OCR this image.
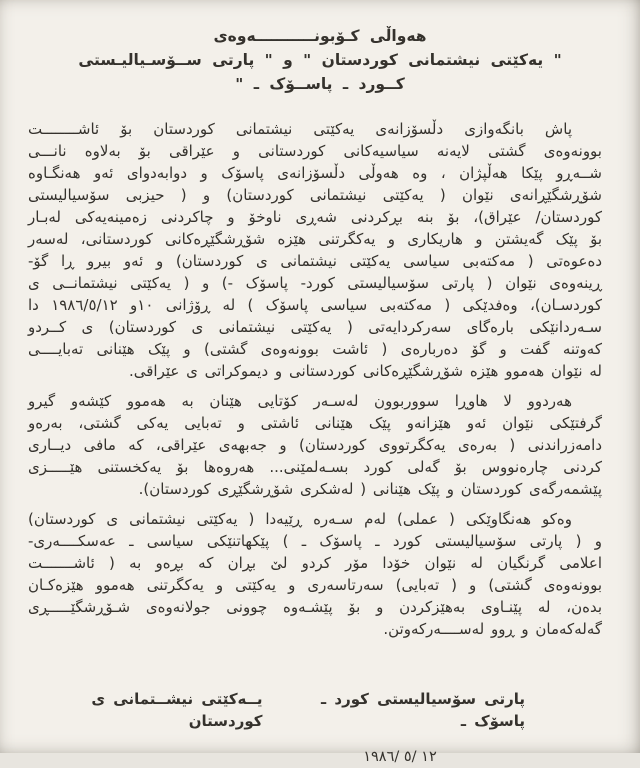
هەواڵی کـۆبونـــــــــــەوەی
" یەکێتی نیشتمانی کوردستان " و " پارتی ســۆسـیالیـستی
کــورد ـ پاســۆک ـ "
پاش بانگەوازی دڵسۆزانەی یەکێتی نیشتمانی کوردستان بۆ ئاشــــــــت
بوونەوەی گشتی لایەنە سیاسیەکانی کوردستانی و عێراقی بۆ بەلاوە نانـــی
شــەڕو پێکا هەڵپژان ، وە هەوڵی دڵسۆزانەی پاسۆک و دوابەدوای ئەو هەنگـاوە
شۆڕشگێڕانەی نێوان ( یەکێتی نیشتمانی کوردستان) و ( حیزبی سۆسیالیستی
کوردستان/ عێراق)، بۆ بنە بڕکردنی شەڕی ناوخۆ و چاکردنی زەمینەیەکی لەبـار
بۆ پێک گەیشتن و هاریکاری و یەکگرتنی هێزە شۆڕشگێڕەکانی کوردستانی، لەسەر
دەعوەتی ( مەکتەبی سیاسی یەکێتی نیشتمانی ی کوردستان) و ئەو بیرو ڕا گۆ-
ڕینەوەی نێوان ( پارتی سۆسیالیستی کورد- پاسۆک -) و ( یەکێتی نیشتمانــی ی
کوردسـان)، وەفدێکی ( مەکتەبی سیاسی پاسۆک ) لە ڕۆژانی ١٠و ١٩٨٦/٥/١٢ دا
سـەردانێکی بارەگای سەرکردایەتی ( یەکێتی نیشتمانی ی کوردستان) ی کــردو
کەوتنە گفت و گۆ دەربارەی ( ئاشت بوونەوەی گشتی) و پێک هێنانی تەبایــــی
لە نێوان هەموو هێزە شۆڕشگێڕەکانی کوردستانی و دیموکراتی ی عێراقی.
هەردوو لا هاوڕا سووربوون لەسـەر کۆتایی هێنان بە هەموو کێشەو گیرو
گرفتێکی نێوان ئەو هێزانەو پێک هێنانی ئاشتی و تەبایی یەکی گشتی، بەرەو
دامەزراندنی ( بەرەی یەکگرتووی کوردستان) و جەبهەی عێراقی، کە مافی دیــاری
کردنی چارەنووس بۆ گەلی کورد بسـەلمێنی... هەروەها بۆ یەکخستنی هێـــــزی
پێشمەرگەی کوردستان و پێک هێنانی ( لەشکری شۆڕشگێڕی کوردستان).
وەکو هەنگاوێکی ( عملی) لەم سـەرە ڕێیەدا ( یەکێتی نیشتمانی ی کوردستان)
و ( پارتی سۆسیالیستی کورد ـ پاسۆک ـ ) پێکهاتنێکی سیاسی ـ عەسکــــەری-
اعلامی گرنگیان لە نێوان خۆدا مۆر کردو لێ بڕان کە بڕەو بە ( ئاشـــــــت
بوونەوەی گشتی) و ( تەبایی) سەرتاسەری و یەکێتی و یەکگرتنی هەموو هێزەکـان
بدەن، لە پێنـاوی بەهێزکردن و بۆ پێشـەوە چوونی جولانەوەی شـۆڕشگێـــــڕی
گەلەکەمان و ڕوو لەســــەرکەوتن.
پارتی سۆسیالیستی کورد ـ پاسۆک ـ
یــەکێتی نیشــتمانی ی کوردستان
١٩٨٦/ ٥/ ١٢
